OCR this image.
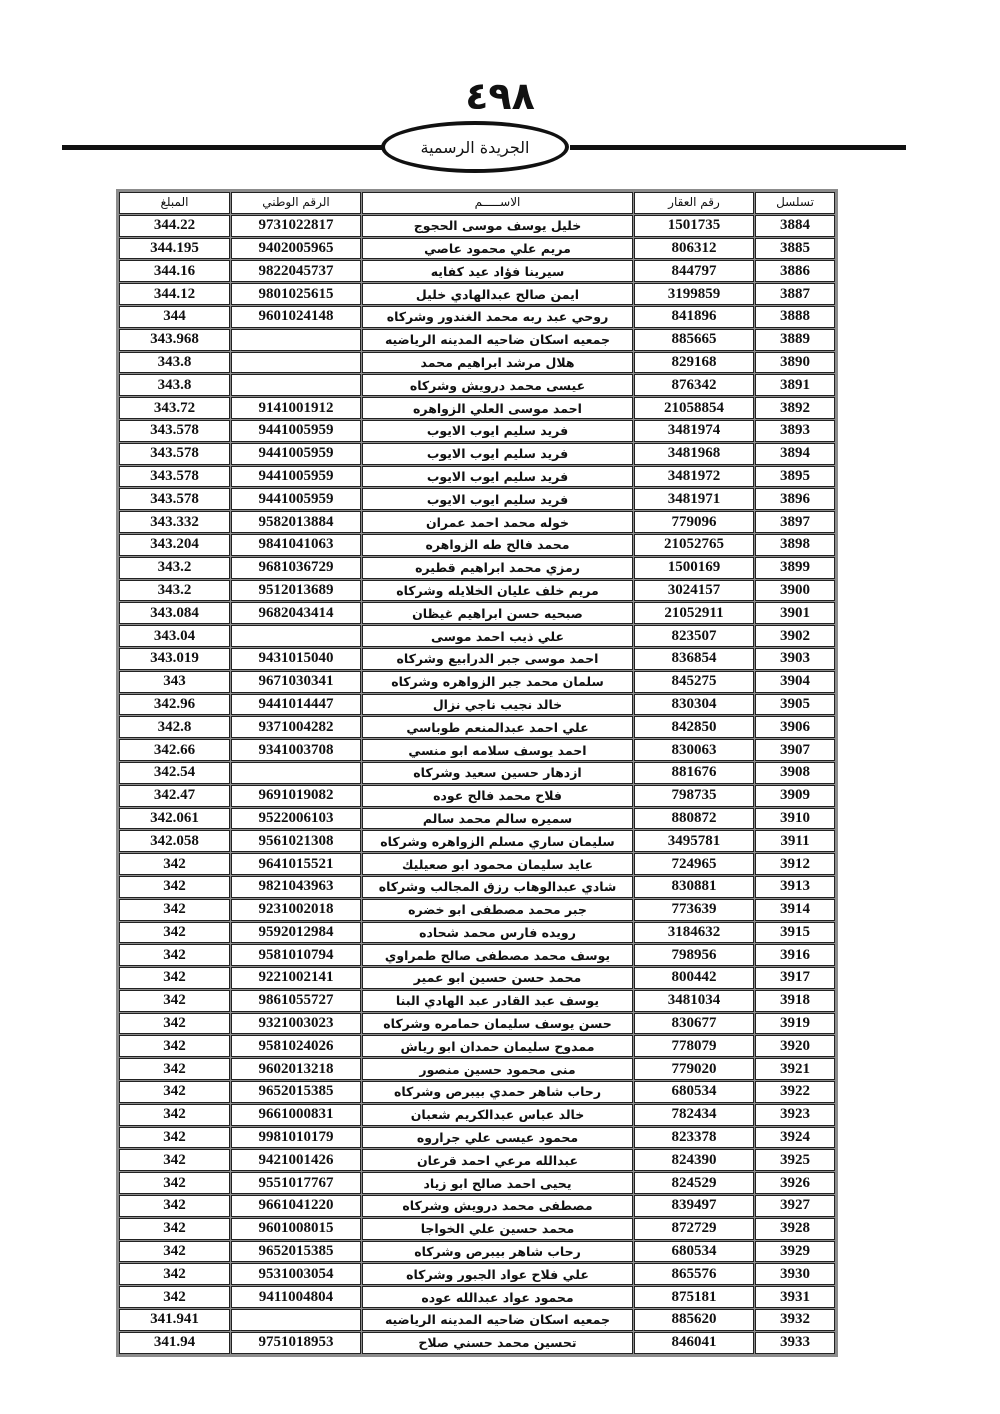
٤٩٨
الجريدة الرسمية
تسلسل	رقم العقار	الاســـــم	الرقم الوطني	المبلغ
3884	1501735	خليل يوسف موسى الحجوج	9731022817	344.22
3885	806312	مريم علي محمود عاصي	9402005965	344.195
3886	844797	سيرينا فؤاد عيد كفايه	9822045737	344.16
3887	3199859	ايمن صالح عبدالهادي خليل	9801025615	344.12
3888	841896	روحي عبد ربه محمد الغندور وشركاه	9601024148	344
3889	885665	جمعيه اسكان ضاحيه المدينه الرياضيه		343.968
3890	829168	هلال مرشد ابراهيم محمد		343.8
3891	876342	عيسى محمد درويش وشركاه		343.8
3892	21058854	احمد موسى العلي الزواهره	9141001912	343.72
3893	3481974	فريد سليم ايوب الايوب	9441005959	343.578
3894	3481968	فريد سليم ايوب الايوب	9441005959	343.578
3895	3481972	فريد سليم ايوب الايوب	9441005959	343.578
3896	3481971	فريد سليم ايوب الايوب	9441005959	343.578
3897	779096	خوله محمد احمد عمران	9582013884	343.332
3898	21052765	محمد فالح طه الزواهره	9841041063	343.204
3899	1500169	رمزي محمد ابراهيم قطيره	9681036729	343.2
3900	3024157	مريم خلف عليان الخلايله وشركاه	9512013689	343.2
3901	21052911	صبحيه حسن ابراهيم غيظان	9682043414	343.084
3902	823507	علي ذيب احمد موسى		343.04
3903	836854	احمد موسى جبر الدرابيع وشركاه	9431015040	343.019
3904	845275	سلمان محمد جبر الزواهره وشركاه	9671030341	343
3905	830304	خالد نجيب ناجي نزال	9441014447	342.96
3906	842850	علي احمد عبدالمنعم طوباسي	9371004282	342.8
3907	830063	احمد يوسف سلامه ابو منسي	9341003708	342.66
3908	881676	ازدهار حسين سعيد وشركاه		342.54
3909	798735	فلاح محمد فالح عوده	9691019082	342.47
3910	880872	سميره سالم محمد سالم	9522006103	342.061
3911	3495781	سليمان ساري مسلم الزواهره وشركاه	9561021308	342.058
3912	724965	عايد سليمان محمود ابو صعيليك	9641015521	342
3913	830881	شادي عبدالوهاب رزق المجالب وشركاه	9821043963	342
3914	773639	جبر محمد مصطفى ابو خضره	9231002018	342
3915	3184632	رويده فارس محمد شحاده	9592012984	342
3916	798956	يوسف محمد مصطفى صالح طمراوي	9581010794	342
3917	800442	محمد حسن حسين ابو عمير	9221002141	342
3918	3481034	يوسف عبد القادر عبد الهادي البنا	9861055727	342
3919	830677	حسن يوسف سليمان حمامره وشركاه	9321003023	342
3920	778079	ممدوح سليمان حمدان ابو رياش	9581024026	342
3921	779020	منى محمود حسين منصور	9602013218	342
3922	680534	رحاب شاهر حمدي بيبرص وشركاه	9652015385	342
3923	782434	خالد عباس عبدالكريم شعبان	9661000831	342
3924	823378	محمود عيسى علي جراروه	9981010179	342
3925	824390	عبدالله مرعي احمد قرعان	9421001426	342
3926	824529	يحيى احمد صالح ابو زياد	9551017767	342
3927	839497	مصطفى محمد درويش وشركاه	9661041220	342
3928	872729	محمد حسين علي الخواجا	9601008015	342
3929	680534	رحاب شاهر بيبرص وشركاه	9652015385	342
3930	865576	علي فلاح عواد الجبور وشركاه	9531003054	342
3931	875181	محمود عواد عبدالله عوده	9411004804	342
3932	885620	جمعيه اسكان ضاحيه المدينه الرياضيه		341.941
3933	846041	تحسين محمد حسني صلاح	9751018953	341.94
